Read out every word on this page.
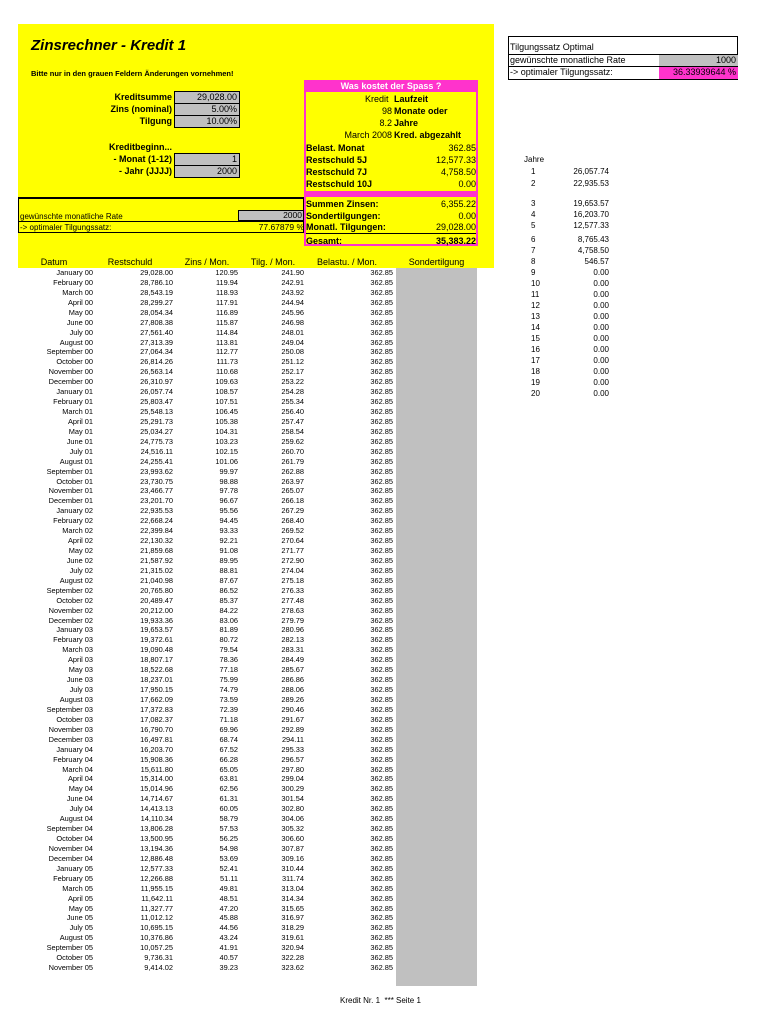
Zinsrechner - Kredit 1
Bitte nur in den grauen Feldern Änderungen vornehmen!
Kreditsumme	29,028.00
Zins (nominal)	5.00%
Tilgung	10.00%
Kreditbeginn...
- Monat (1-12)	1
- Jahr (JJJJ)	2000
gewünschte monatliche Rate	2000
-> optimaler Tilgungssatz:	77.67879 %
Was kostet der Spass ?
Kredit Laufzeit
98 Monate oder
8.2 Jahre
March 2008 Kred. abgezahlt
Belast. Monat	362.85
Restschuld 5J	12,577.33
Restschuld 7J	4,758.50
Restschuld 10J	0.00
Summen Zinsen:	6,355.22
Sondertilgungen:	0.00
Monatl. Tilgungen:	29,028.00
Gesamt:	35,383.22
Tilgungssatz Optimal
gewünschte monatliche Rate	1000
-> optimaler Tilgungssatz:	36.33939644 %
Jahre
1	26,057.74
2	22,935.53
3	19,653.57
4	16,203.70
5	12,577.33
6	8,765.43
7	4,758.50
8	546.57
9	0.00
10	0.00
11	0.00
12	0.00
13	0.00
14	0.00
15	0.00
16	0.00
17	0.00
18	0.00
19	0.00
20	0.00
Datum	Restschuld	Zins / Mon.	Tilg. / Mon.	Belastu. / Mon.	Sondertilgung
January 00	29,028.00	120.95	241.90	362.85
February 00	28,786.10	119.94	242.91	362.85
March 00	28,543.19	118.93	243.92	362.85
April 00	28,299.27	117.91	244.94	362.85
May 00	28,054.34	116.89	245.96	362.85
June 00	27,808.38	115.87	246.98	362.85
July 00	27,561.40	114.84	248.01	362.85
August 00	27,313.39	113.81	249.04	362.85
September 00	27,064.34	112.77	250.08	362.85
October 00	26,814.26	111.73	251.12	362.85
November 00	26,563.14	110.68	252.17	362.85
December 00	26,310.97	109.63	253.22	362.85
January 01	26,057.74	108.57	254.28	362.85
February 01	25,803.47	107.51	255.34	362.85
March 01	25,548.13	106.45	256.40	362.85
April 01	25,291.73	105.38	257.47	362.85
May 01	25,034.27	104.31	258.54	362.85
June 01	24,775.73	103.23	259.62	362.85
July 01	24,516.11	102.15	260.70	362.85
August 01	24,255.41	101.06	261.79	362.85
September 01	23,993.62	99.97	262.88	362.85
October 01	23,730.75	98.88	263.97	362.85
November 01	23,466.77	97.78	265.07	362.85
December 01	23,201.70	96.67	266.18	362.85
January 02	22,935.53	95.56	267.29	362.85
February 02	22,668.24	94.45	268.40	362.85
March 02	22,399.84	93.33	269.52	362.85
April 02	22,130.32	92.21	270.64	362.85
May 02	21,859.68	91.08	271.77	362.85
June 02	21,587.92	89.95	272.90	362.85
July 02	21,315.02	88.81	274.04	362.85
August 02	21,040.98	87.67	275.18	362.85
September 02	20,765.80	86.52	276.33	362.85
October 02	20,489.47	85.37	277.48	362.85
November 02	20,212.00	84.22	278.63	362.85
December 02	19,933.36	83.06	279.79	362.85
January 03	19,653.57	81.89	280.96	362.85
February 03	19,372.61	80.72	282.13	362.85
March 03	19,090.48	79.54	283.31	362.85
April 03	18,807.17	78.36	284.49	362.85
May 03	18,522.68	77.18	285.67	362.85
June 03	18,237.01	75.99	286.86	362.85
July 03	17,950.15	74.79	288.06	362.85
August 03	17,662.09	73.59	289.26	362.85
September 03	17,372.83	72.39	290.46	362.85
October 03	17,082.37	71.18	291.67	362.85
November 03	16,790.70	69.96	292.89	362.85
December 03	16,497.81	68.74	294.11	362.85
January 04	16,203.70	67.52	295.33	362.85
February 04	15,908.36	66.28	296.57	362.85
March 04	15,611.80	65.05	297.80	362.85
April 04	15,314.00	63.81	299.04	362.85
May 04	15,014.96	62.56	300.29	362.85
June 04	14,714.67	61.31	301.54	362.85
July 04	14,413.13	60.05	302.80	362.85
August 04	14,110.34	58.79	304.06	362.85
September 04	13,806.28	57.53	305.32	362.85
October 04	13,500.95	56.25	306.60	362.85
November 04	13,194.36	54.98	307.87	362.85
December 04	12,886.48	53.69	309.16	362.85
January 05	12,577.33	52.41	310.44	362.85
February 05	12,266.88	51.11	311.74	362.85
March 05	11,955.15	49.81	313.04	362.85
April 05	11,642.11	48.51	314.34	362.85
May 05	11,327.77	47.20	315.65	362.85
June 05	11,012.12	45.88	316.97	362.85
July 05	10,695.15	44.56	318.29	362.85
August 05	10,376.86	43.24	319.61	362.85
September 05	10,057.25	41.91	320.94	362.85
October 05	9,736.31	40.57	322.28	362.85
November 05	9,414.02	39.23	323.62	362.85
Kredit Nr. 1  *** Seite 1
